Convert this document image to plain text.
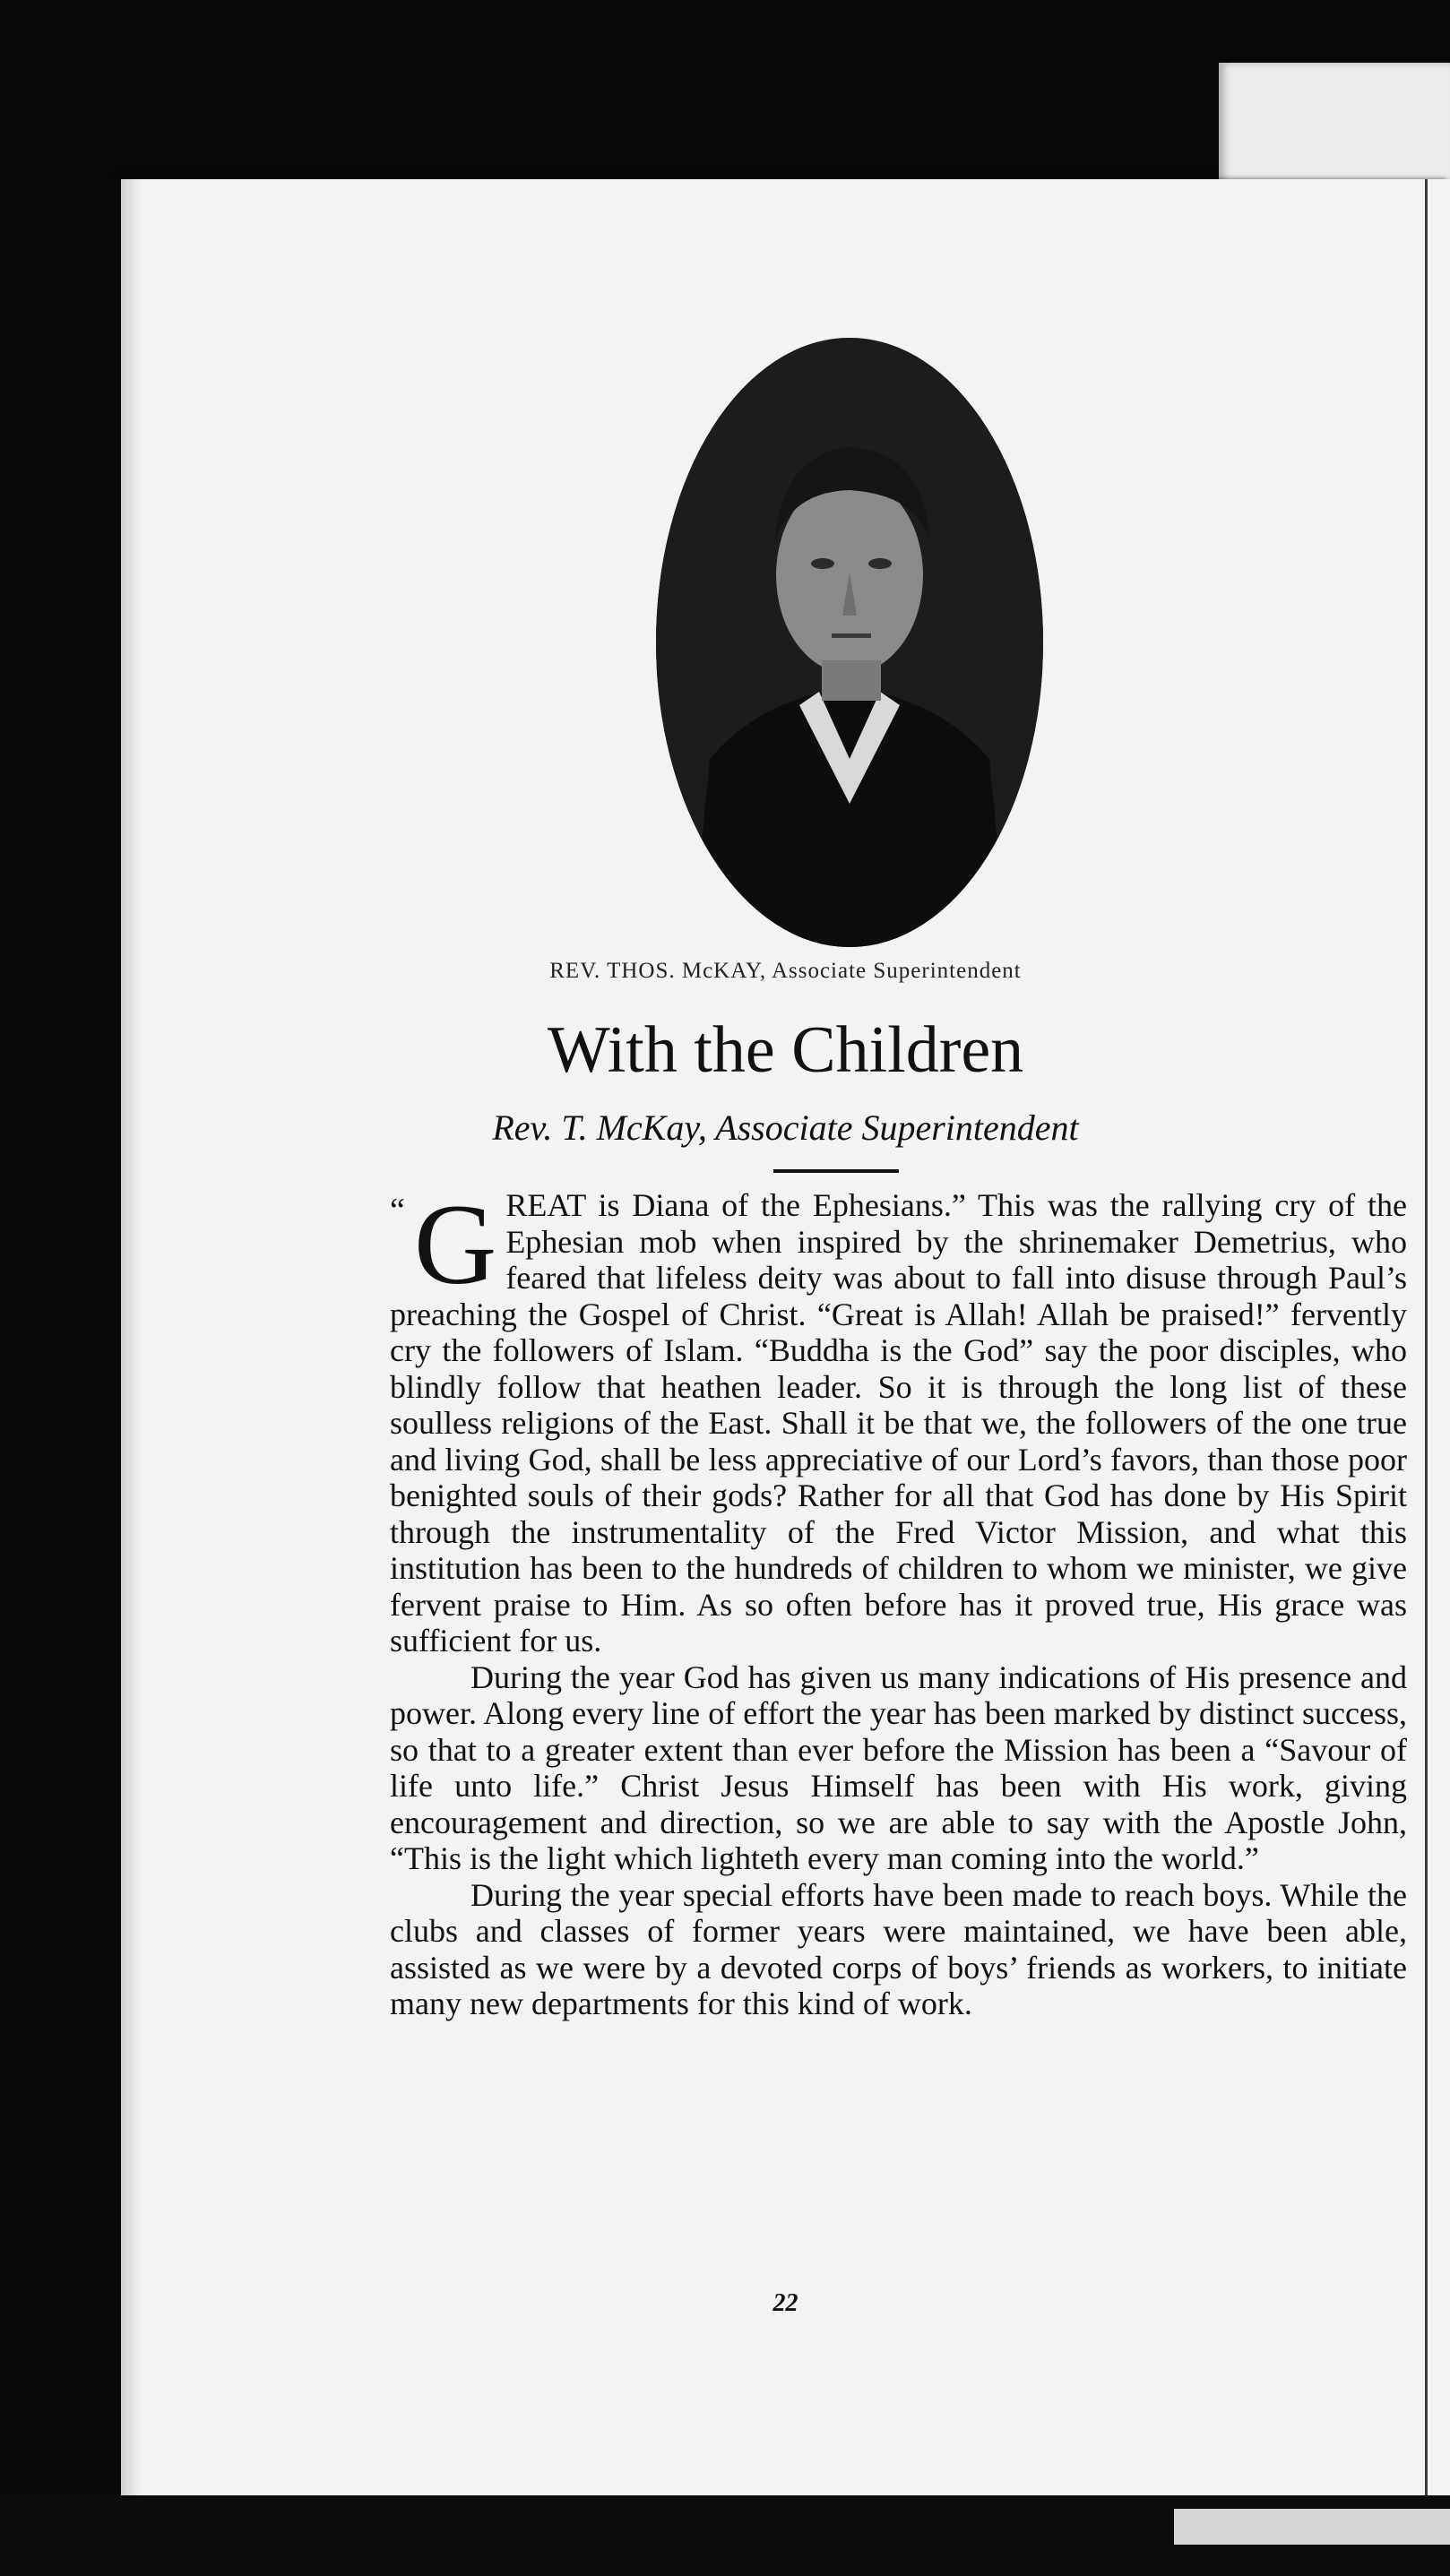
REV. THOS. McKAY, Associate Superintendent
With the Children
Rev. T. McKay, Associate Superintendent

“ G REAT is Diana of the Ephesians.” This was the rallying cry of the Ephesian mob when inspired by the shrinemaker Demetrius, who feared that lifeless deity was about to fall into disuse through Paul’s preaching the Gospel of Christ. “Great is Allah! Allah be praised!” fervently cry the followers of Islam. “Buddha is the God” say the poor disciples, who blindly follow that heathen leader. So it is through the long list of these soulless religions of the East. Shall it be that we, the followers of the one true and living God, shall be less appreciative of our Lord’s favors, than those poor benighted souls of their gods? Rather for all that God has done by His Spirit through the instrumentality of the Fred Victor Mission, and what this institution has been to the hundreds of children to whom we minister, we give fervent praise to Him. As so often before has it proved true, His grace was sufficient for us.

During the year God has given us many indications of His presence and power. Along every line of effort the year has been marked by distinct success, so that to a greater extent than ever before the Mission has been a “Savour of life unto life.” Christ Jesus Himself has been with His work, giving encouragement and direction, so we are able to say with the Apostle John, “This is the light which lighteth every man coming into the world.”

During the year special efforts have been made to reach boys. While the clubs and classes of former years were maintained, we have been able, assisted as we were by a devoted corps of boys’ friends as workers, to initiate many new departments for this kind of work.

22
